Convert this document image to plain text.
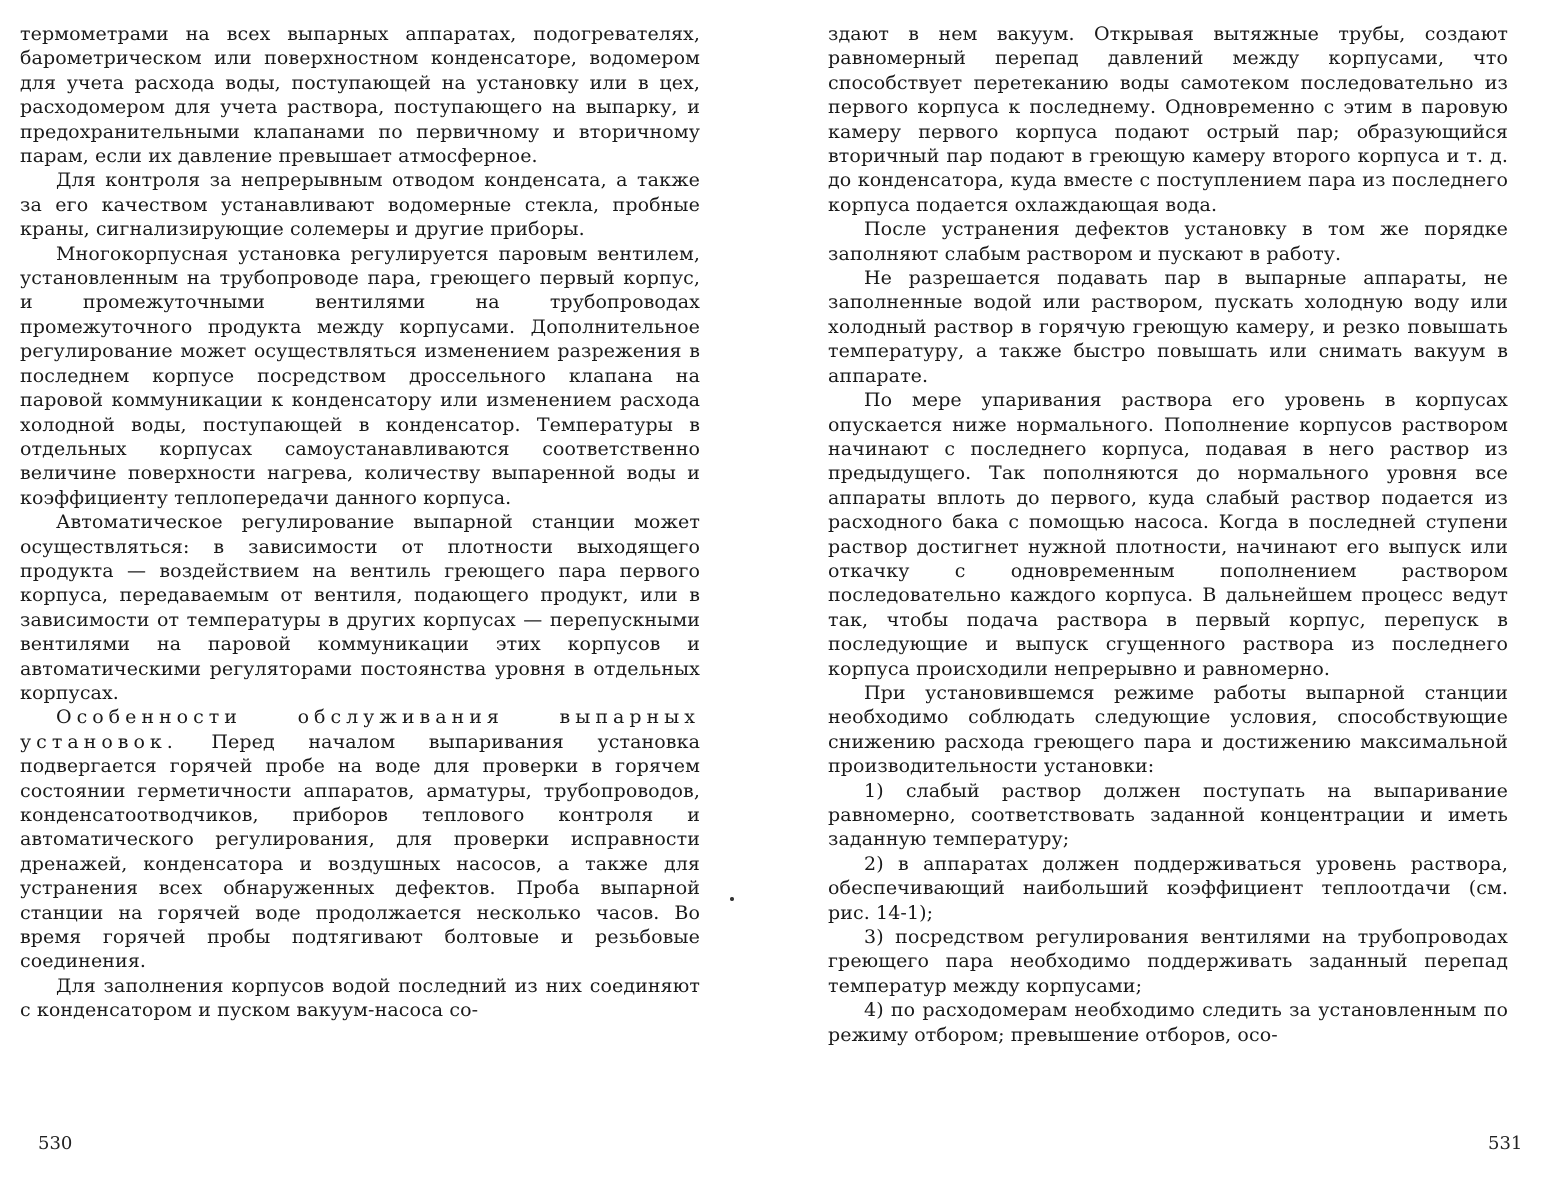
термометрами на всех выпарных аппаратах, подогревателях, барометрическом или поверхностном конденсаторе, водомером для учета расхода воды, поступающей на установку или в цех, расходомером для учета раствора, поступающего на выпарку, и предохранительными клапанами по первичному и вторичному парам, если их давление превышает атмосферное.

Для контроля за непрерывным отводом конденсата, а также за его качеством устанавливают водомерные стекла, пробные краны, сигнализирующие солемеры и другие приборы.

Многокорпусная установка регулируется паровым вентилем, установленным на трубопроводе пара, греющего первый корпус, и промежуточными вентилями на трубопроводах промежуточного продукта между корпусами. Дополнительное регулирование может осуществляться изменением разрежения в последнем корпусе посредством дроссельного клапана на паровой коммуникации к конденсатору или изменением расхода холодной воды, поступающей в конденсатор. Температуры в отдельных корпусах самоустанавливаются соответственно величине поверхности нагрева, количеству выпаренной воды и коэффициенту теплопередачи данного корпуса.

Автоматическое регулирование выпарной станции может осуществляться: в зависимости от плотности выходящего продукта — воздействием на вентиль греющего пара первого корпуса, передаваемым от вентиля, подающего продукт, или в зависимости от температуры в других корпусах — перепускными вентилями на паровой коммуникации этих корпусов и автоматическими регуляторами постоянства уровня в отдельных корпусах.

Особенности обслуживания выпарных установок. Перед началом выпаривания установка подвергается горячей пробе на воде для проверки в горячем состоянии герметичности аппаратов, арматуры, трубопроводов, конденсатоотводчиков, приборов теплового контроля и автоматического регулирования, для проверки исправности дренажей, конденсатора и воздушных насосов, а также для устранения всех обнаруженных дефектов. Проба выпарной станции на горячей воде продолжается несколько часов. Во время горячей пробы подтягивают болтовые и резьбовые соединения.

Для заполнения корпусов водой последний из них соединяют с конденсатором и пуском вакуум-насоса со-

здают в нем вакуум. Открывая вытяжные трубы, создают равномерный перепад давлений между корпусами, что способствует перетеканию воды самотеком последовательно из первого корпуса к последнему. Одновременно с этим в паровую камеру первого корпуса подают острый пар; образующийся вторичный пар подают в греющую камеру второго корпуса и т. д. до конденсатора, куда вместе с поступлением пара из последнего корпуса подается охлаждающая вода.

После устранения дефектов установку в том же порядке заполняют слабым раствором и пускают в работу.

Не разрешается подавать пар в выпарные аппараты, не заполненные водой или раствором, пускать холодную воду или холодный раствор в горячую греющую камеру, и резко повышать температуру, а также быстро повышать или снимать вакуум в аппарате.

По мере упаривания раствора его уровень в корпусах опускается ниже нормального. Пополнение корпусов раствором начинают с последнего корпуса, подавая в него раствор из предыдущего. Так пополняются до нормального уровня все аппараты вплоть до первого, куда слабый раствор подается из расходного бака с помощью насоса. Когда в последней ступени раствор достигнет нужной плотности, начинают его выпуск или откачку с одновременным пополнением раствором последовательно каждого корпуса. В дальнейшем процесс ведут так, чтобы подача раствора в первый корпус, перепуск в последующие и выпуск сгущенного раствора из последнего корпуса происходили непрерывно и равномерно.

При установившемся режиме работы выпарной станции необходимо соблюдать следующие условия, способствующие снижению расхода греющего пара и достижению максимальной производительности установки:

1) слабый раствор должен поступать на выпаривание равномерно, соответствовать заданной концентрации и иметь заданную температуру;

2) в аппаратах должен поддерживаться уровень раствора, обеспечивающий наибольший коэффициент теплоотдачи (см. рис. 14-1);

3) посредством регулирования вентилями на трубопроводах греющего пара необходимо поддерживать заданный перепад температур между корпусами;

4) по расходомерам необходимо следить за установленным по режиму отбором; превышение отборов, осо-

530	531
